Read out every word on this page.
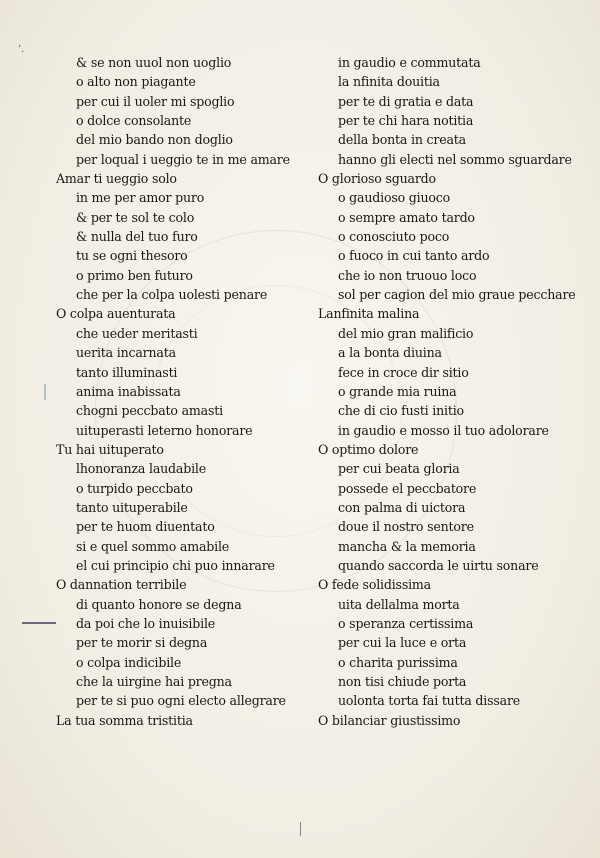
‘.
& se non uuol non uoglio
o alto non piagante
per cui il uoler mi spoglio
o dolce consolante
del mio bando non doglio
per loqual i ueggio te in me amare
Amar ti ueggio solo
in me per amor puro
& per te sol te colo
& nulla del tuo furo
tu se ogni thesoro
o primo ben futuro
che per la colpa uolesti penare
O colpa auenturata
che ueder meritasti
uerita incarnata
tanto illuminasti
anima inabissata
chogni peccbato amasti
uituperasti leterno honorare
Tu hai uituperato
lhonoranza laudabile
o turpido peccbato
tanto uituperabile
per te huom diuentato
si e quel sommo amabile
el cui principio chi puo innarare
O dannation terribile
di quanto honore se degna
da poi che lo inuisibile
per te morir si degna
o colpa indicibile
che la uirgine hai pregna
per te si puo ogni electo allegrare
La tua somma tristitia
in gaudio e commutata
la nfinita douitia
per te di gratia e data
per te chi hara notitia
della bonta in creata
hanno gli electi nel sommo sguardare
O glorioso sguardo
o gaudioso giuoco
o sempre amato tardo
o conosciuto poco
o fuoco in cui tanto ardo
che io non truouo loco
sol per cagion del mio graue pecchare
Lanfinita malina
del mio gran malificio
a la bonta diuina
fece in croce dir sitio
o grande mia ruina
che di cio fusti initio
in gaudio e mosso il tuo adolorare
O optimo dolore
per cui beata gloria
possede el peccbatore
con palma di uictora
doue il nostro sentore
mancha & la memoria
quando saccorda le uirtu sonare
O fede solidissima
uita dellalma morta
o speranza certissima
per cui la luce e orta
o charita purissima
non tisi chiude porta
uolonta torta fai tutta dissare
O bilanciar giustissimo
